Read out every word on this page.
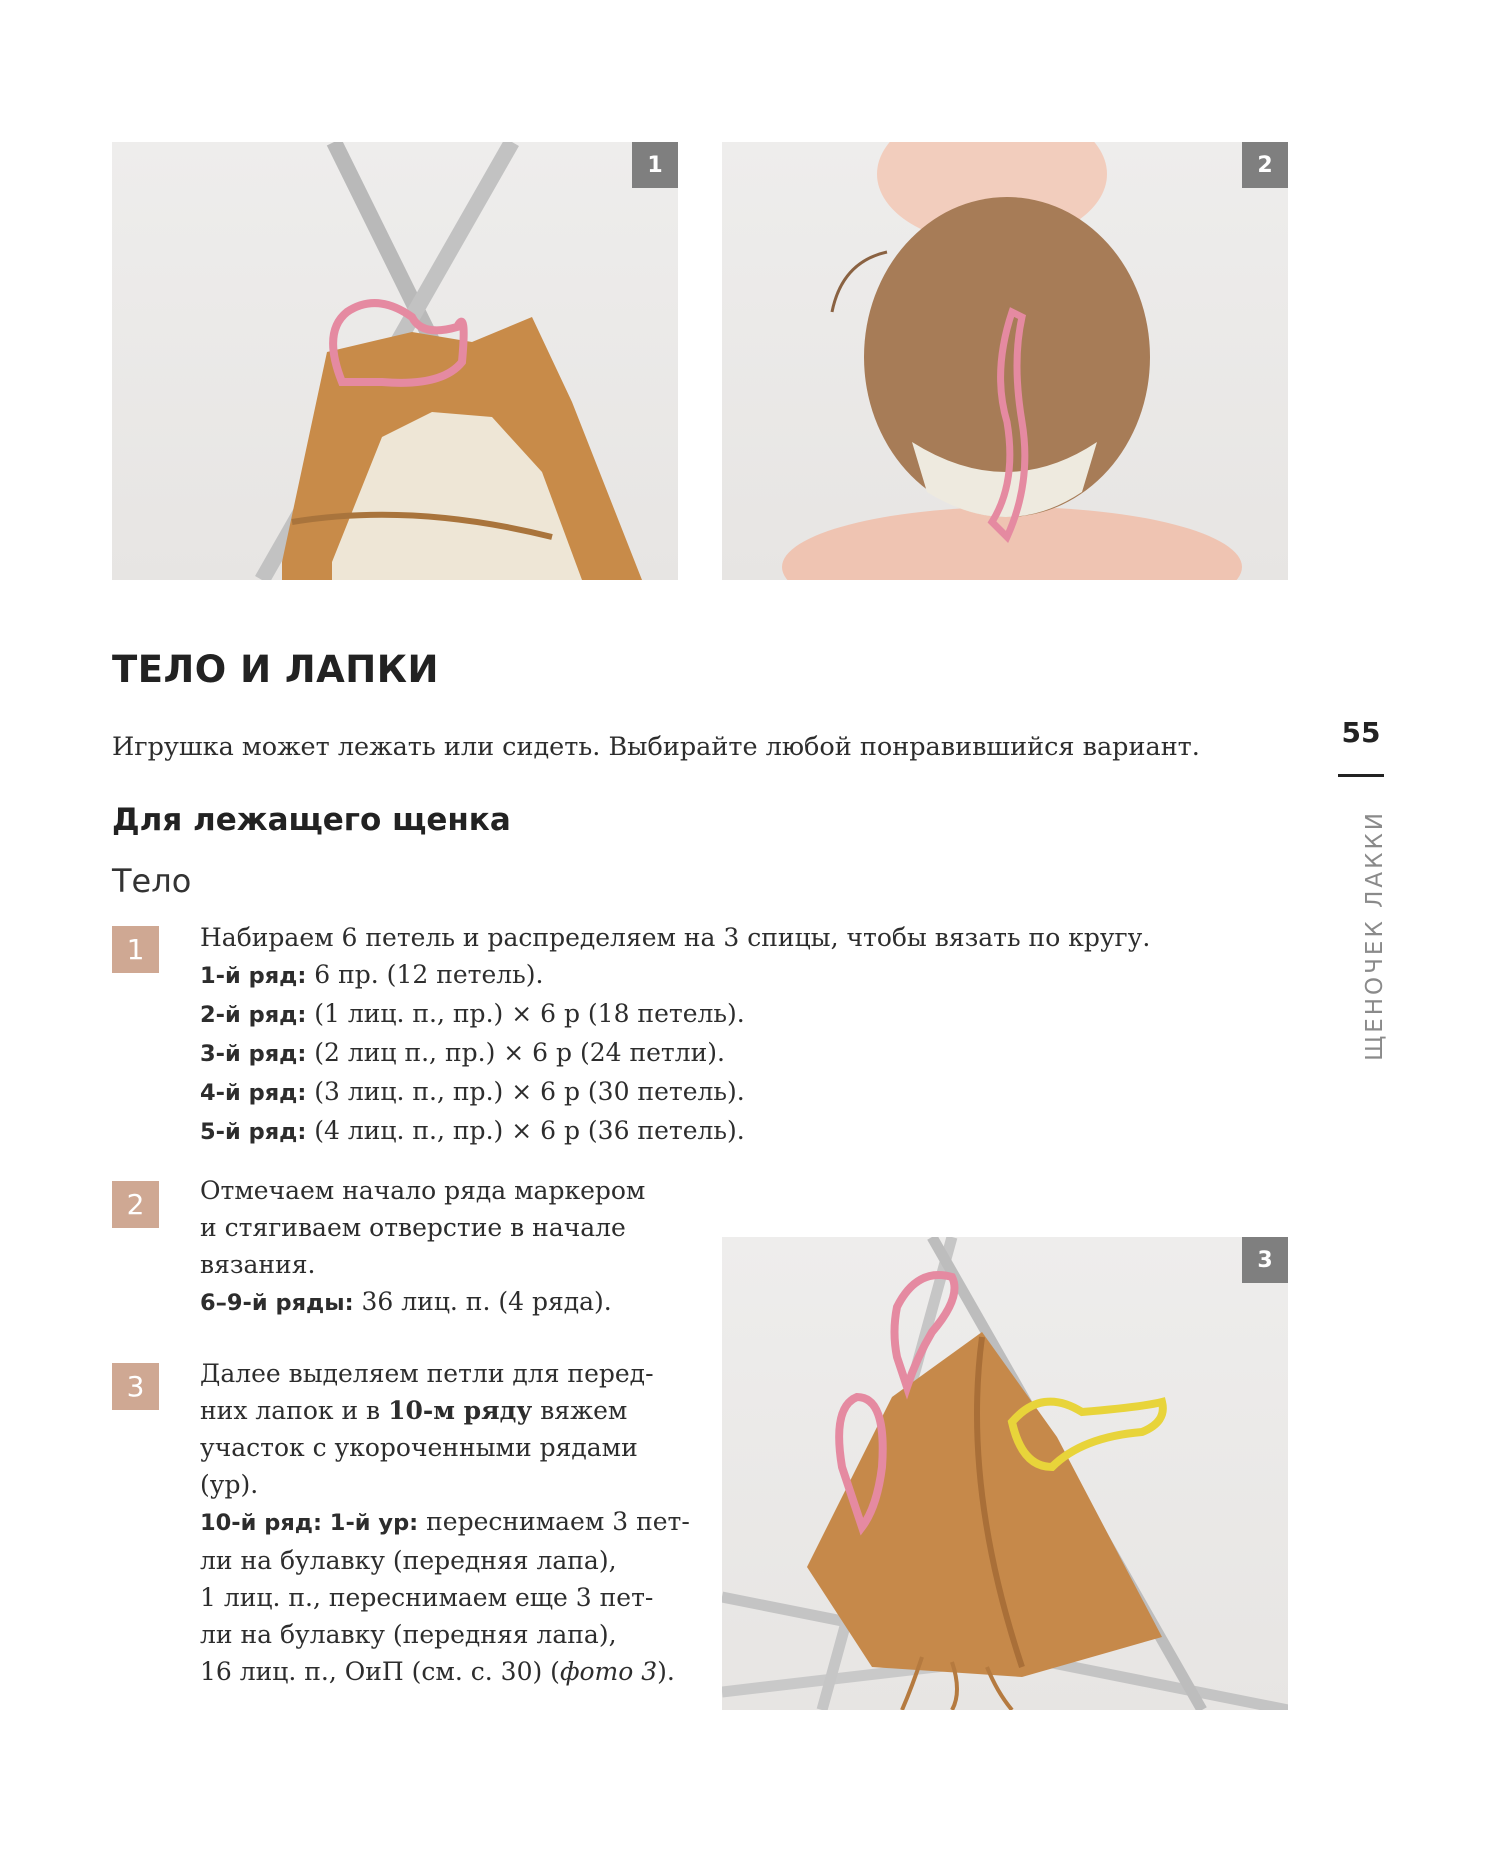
1	2
ТЕЛО И ЛАПКИ

Игрушка может лежать или сидеть. Выбирайте любой понравившийся вариант.

Для лежащего щенка
Тело
1	Набираем 6 петель и распределяем на 3 спицы, чтобы вязать по кругу.
1-й ряд: 6 пр. (12 петель).
2-й ряд: (1 лиц. п., пр.) × 6 р (18 петель).
3-й ряд: (2 лиц п., пр.) × 6 р (24 петли).
4-й ряд: (3 лиц. п., пр.) × 6 р (30 петель).
5-й ряд: (4 лиц. п., пр.) × 6 р (36 петель).
2	Отмечаем начало ряда маркером
и стягиваем отверстие в начале
вязания.
6–9-й ряды: 36 лиц. п. (4 ряда).
3	Далее выделяем петли для перед-
них лапок и в 10-м ряду вяжем
участок с укороченными рядами
(ур).
10-й ряд: 1-й ур: переснимаем 3 пет-
ли на булавку (передняя лапа),
1 лиц. п., переснимаем еще 3 пет-
ли на булавку (передняя лапа),
16 лиц. п., ОиП (см. с. 30) (фото 3).
3
55
ЩЕНОЧЕК ЛАККИ
